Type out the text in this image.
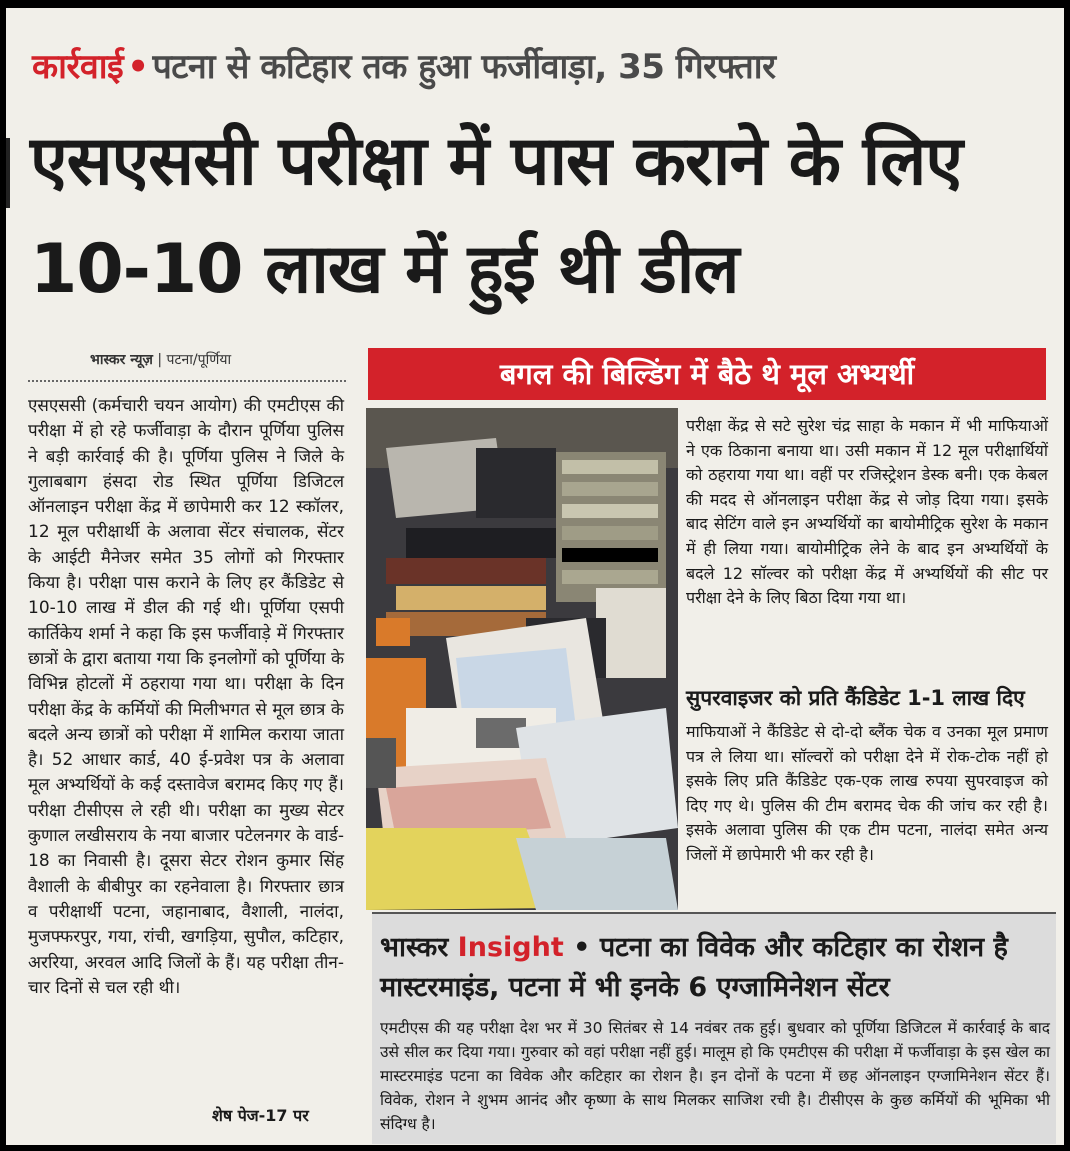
कार्रवाई • पटना से कटिहार तक हुआ फर्जीवाड़ा, 35 गिरफ्तार
एसएससी परीक्षा में पास कराने के लिए 10-10 लाख में हुई थी डील
भास्कर न्यूज़ | पटना/पूर्णिया
एसएससी (कर्मचारी चयन आयोग) की एमटीएस की परीक्षा में हो रहे फर्जीवाड़ा के दौरान पूर्णिया पुलिस ने बड़ी कार्रवाई की है। पूर्णिया पुलिस ने जिले के गुलाबबाग हंसदा रोड स्थित पूर्णिया डिजिटल ऑनलाइन परीक्षा केंद्र में छापेमारी कर 12 स्कॉलर, 12 मूल परीक्षार्थी के अलावा सेंटर संचालक, सेंटर के आईटी मैनेजर समेत 35 लोगों को गिरफ्तार किया है। परीक्षा पास कराने के लिए हर कैंडिडेट से 10-10 लाख में डील की गई थी। पूर्णिया एसपी कार्तिकेय शर्मा ने कहा कि इस फर्जीवाड़े में गिरफ्तार छात्रों के द्वारा बताया गया कि इनलोगों को पूर्णिया के विभिन्न होटलों में ठहराया गया था। परीक्षा के दिन परीक्षा केंद्र के कर्मियों की मिलीभगत से मूल छात्र के बदले अन्य छात्रों को परीक्षा में शामिल कराया जाता है। 52 आधार कार्ड, 40 ई-प्रवेश पत्र के अलावा मूल अभ्यर्थियों के कई दस्तावेज बरामद किए गए हैं। परीक्षा टीसीएस ले रही थी। परीक्षा का मुख्य सेटर कुणाल लखीसराय के नया बाजार पटेलनगर के वार्ड- 18 का निवासी है। दूसरा सेटर रोशन कुमार सिंह वैशाली के बीबीपुर का रहनेवाला है। गिरफ्तार छात्र व परीक्षार्थी पटना, जहानाबाद, वैशाली, नालंदा, मुजफ्फरपुर, गया, रांची, खगड़िया, सुपौल, कटिहार, अररिया, अरवल आदि जिलों के हैं। यह परीक्षा तीन-चार दिनों से चल रही थी।
शेष पेज-17 पर
बगल की बिल्डिंग में बैठे थे मूल अभ्यर्थी
परीक्षा केंद्र से सटे सुरेश चंद्र साहा के मकान में भी माफियाओं ने एक ठिकाना बनाया था। उसी मकान में 12 मूल परीक्षार्थियों को ठहराया गया था। वहीं पर रजिस्ट्रेशन डेस्क बनी। एक केबल की मदद से ऑनलाइन परीक्षा केंद्र से जोड़ दिया गया। इसके बाद सेटिंग वाले इन अभ्यर्थियों का बायोमीट्रिक सुरेश के मकान में ही लिया गया। बायोमीट्रिक लेने के बाद इन अभ्यर्थियों के बदले 12 सॉल्वर को परीक्षा केंद्र में अभ्यर्थियों की सीट पर परीक्षा देने के लिए बिठा दिया गया था।
सुपरवाइजर को प्रति कैंडिडेट 1-1 लाख दिए
माफियाओं ने कैंडिडेट से दो-दो ब्लैंक चेक व उनका मूल प्रमाण पत्र ले लिया था। सॉल्वरों को परीक्षा देने में रोक-टोक नहीं हो इसके लिए प्रति कैंडिडेट एक-एक लाख रुपया सुपरवाइज को दिए गए थे। पुलिस की टीम बरामद चेक की जांच कर रही है। इसके अलावा पुलिस की एक टीम पटना, नालंदा समेत अन्य जिलों में छापेमारी भी कर रही है।
भास्कर Insight • पटना का विवेक और कटिहार का रोशन है मास्टरमाइंड, पटना में भी इनके 6 एग्जामिनेशन सेंटर
एमटीएस की यह परीक्षा देश भर में 30 सितंबर से 14 नवंबर तक हुई। बुधवार को पूर्णिया डिजिटल में कार्रवाई के बाद उसे सील कर दिया गया। गुरुवार को वहां परीक्षा नहीं हुई। मालूम हो कि एमटीएस की परीक्षा में फर्जीवाड़ा के इस खेल का मास्टरमाइंड पटना का विवेक और कटिहार का रोशन है। इन दोनों के पटना में छह ऑनलाइन एग्जामिनेशन सेंटर हैं। विवेक, रोशन ने शुभम आनंद और कृष्णा के साथ मिलकर साजिश रची है। टीसीएस के कुछ कर्मियों की भूमिका भी संदिग्ध है।
